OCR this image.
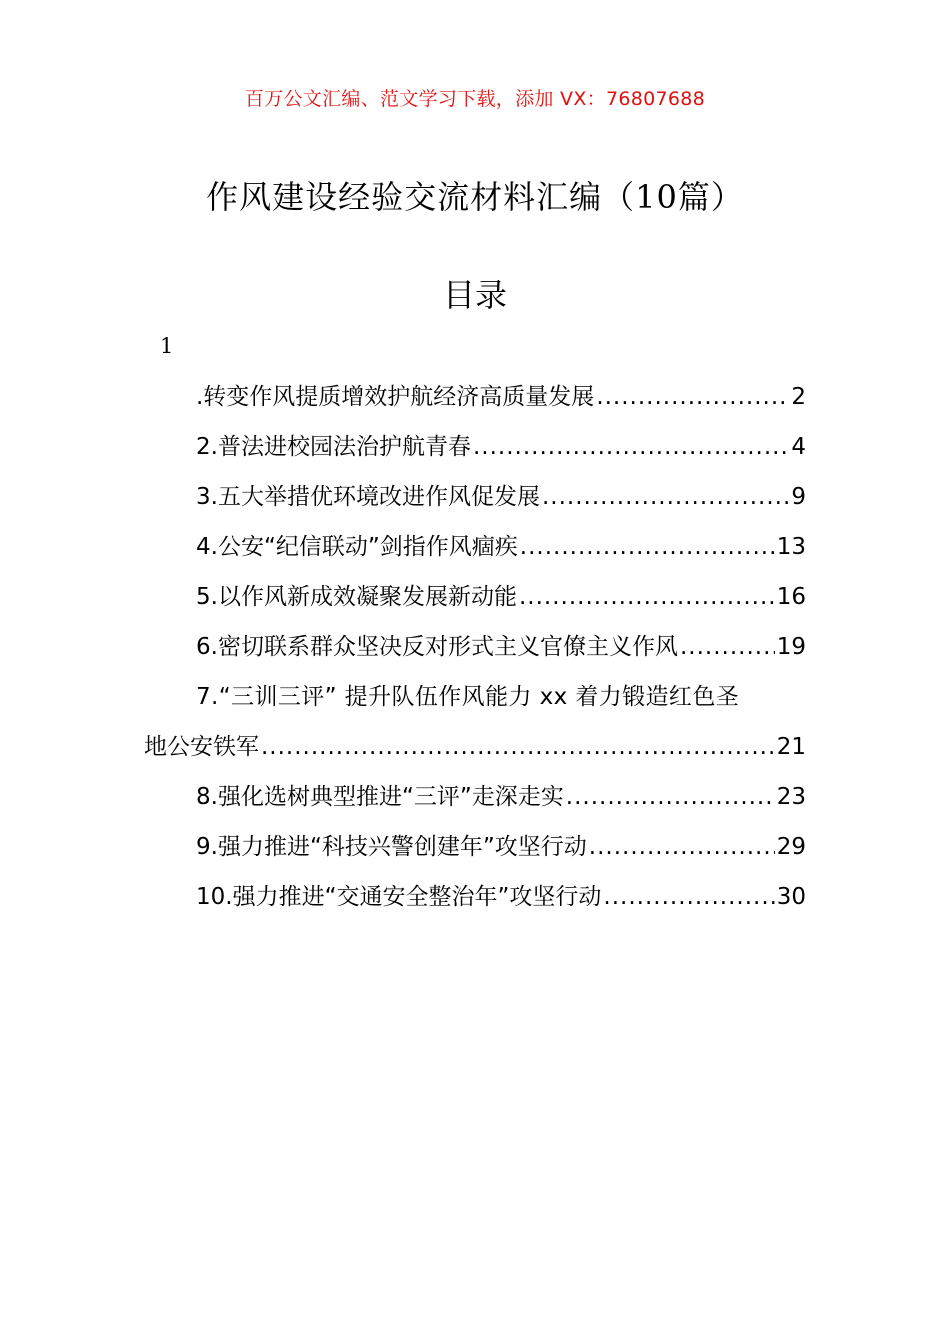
百万公文汇编、范文学习下载，添加 VX：76807688
作风建设经验交流材料汇编（10篇）
目录
1
.转变作风提质增效护航经济高质量发展 .....	2
2.普法进校园法治护航青春 .....	4
3.五大举措优环境改进作风促发展 .....	9
4.公安“纪信联动”剑指作风痼疾 .....	13
5.以作风新成效凝聚发展新动能 .....	16
6.密切联系群众坚决反对形式主义官僚主义作风 .....	19
7.“三训三评” 提升队伍作风能力 xx 着力锻造红色圣
地公安铁军 .....	21
8.强化选树典型推进“三评”走深走实 .....	23
9.强力推进“科技兴警创建年”攻坚行动 .....	29
10.强力推进“交通安全整治年”攻坚行动 .....	30
